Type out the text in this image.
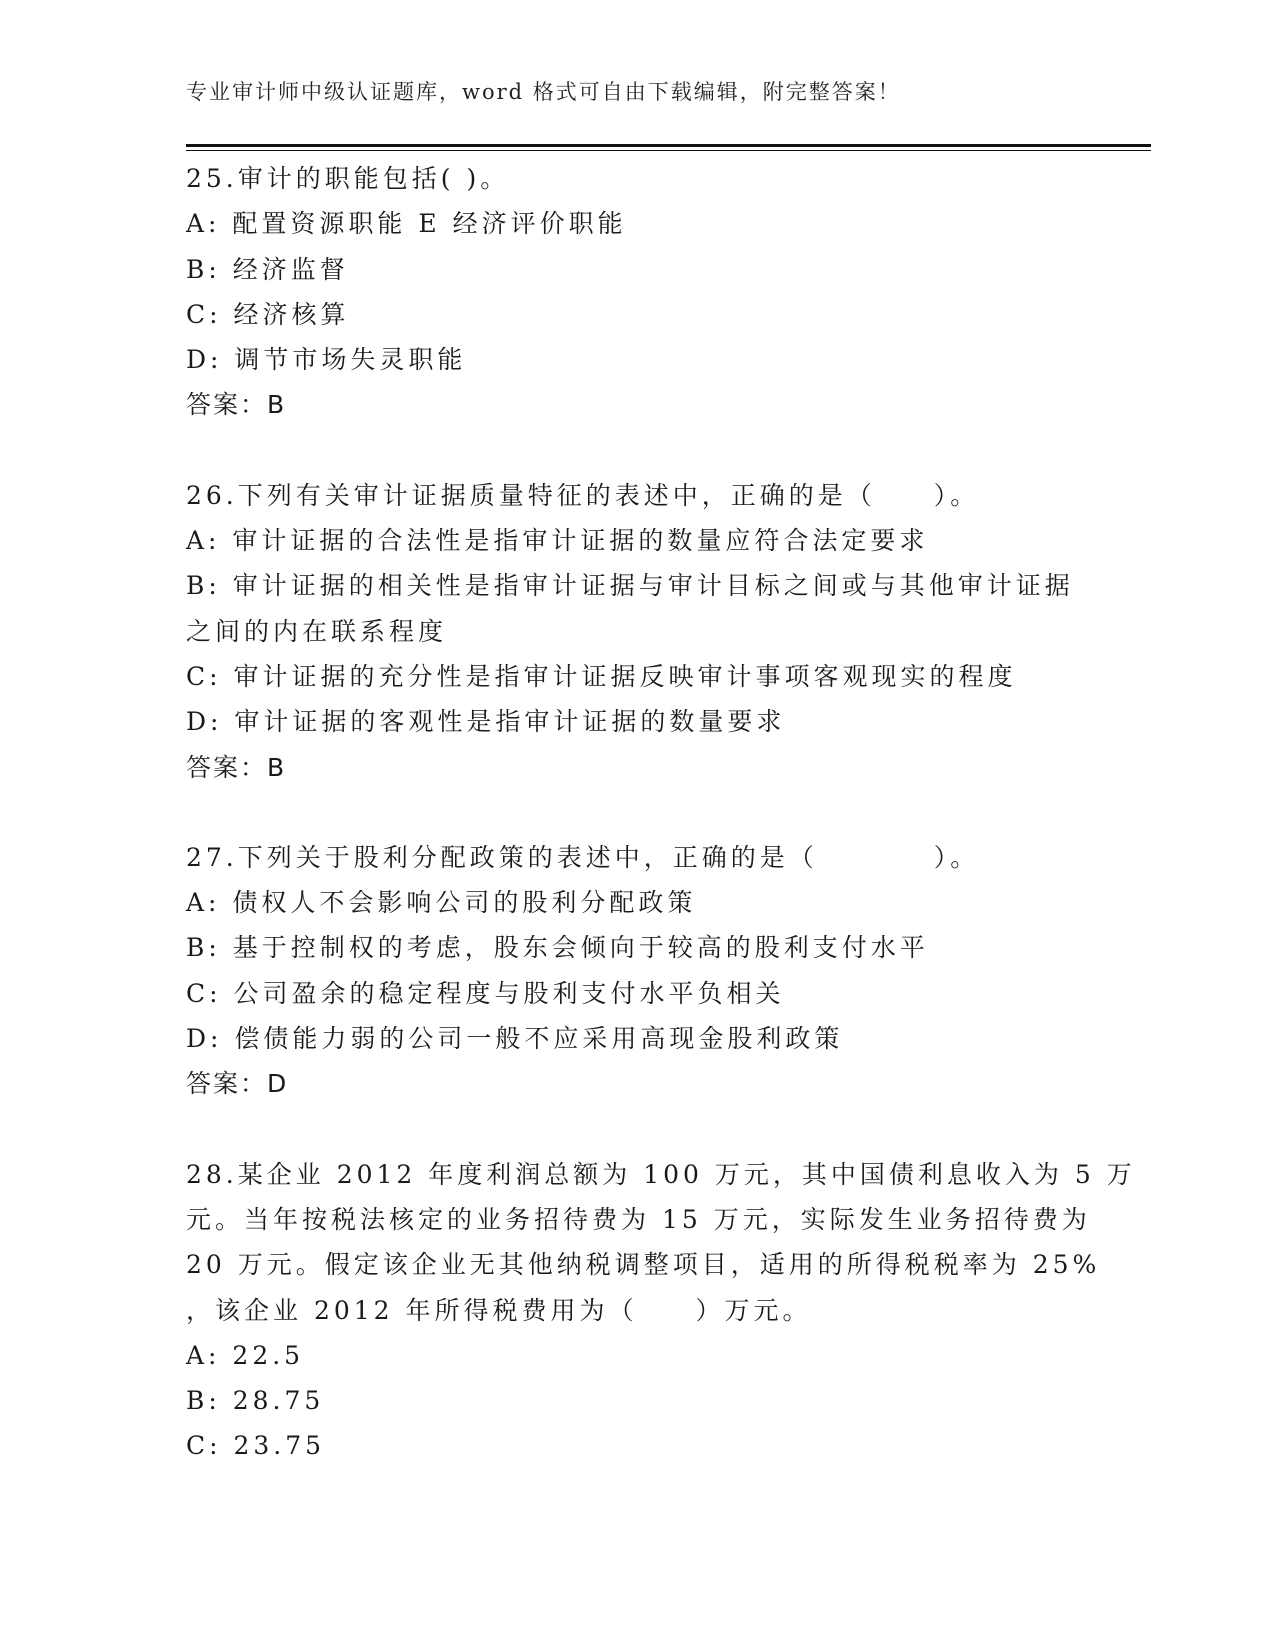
专业审计师中级认证题库，word 格式可自由下载编辑，附完整答案！
25.审计的职能包括( )。
A: 配置资源职能 E 经济评价职能
B: 经济监督
C: 经济核算
D: 调节市场失灵职能
答案：B
26.下列有关审计证据质量特征的表述中，正确的是（　　）。
A: 审计证据的合法性是指审计证据的数量应符合法定要求
B: 审计证据的相关性是指审计证据与审计目标之间或与其他审计证据
之间的内在联系程度
C: 审计证据的充分性是指审计证据反映审计事项客观现实的程度
D: 审计证据的客观性是指审计证据的数量要求
答案：B
27.下列关于股利分配政策的表述中，正确的是（　　　　）。
A: 债权人不会影响公司的股利分配政策
B: 基于控制权的考虑，股东会倾向于较高的股利支付水平
C: 公司盈余的稳定程度与股利支付水平负相关
D: 偿债能力弱的公司一般不应采用高现金股利政策
答案：D
28.某企业 2012 年度利润总额为 100 万元，其中国债利息收入为 5 万
元。当年按税法核定的业务招待费为 15 万元，实际发生业务招待费为
20 万元。假定该企业无其他纳税调整项目，适用的所得税税率为 25%
，该企业 2012 年所得税费用为（　　）万元。
A: 22.5
B: 28.75
C: 23.75
